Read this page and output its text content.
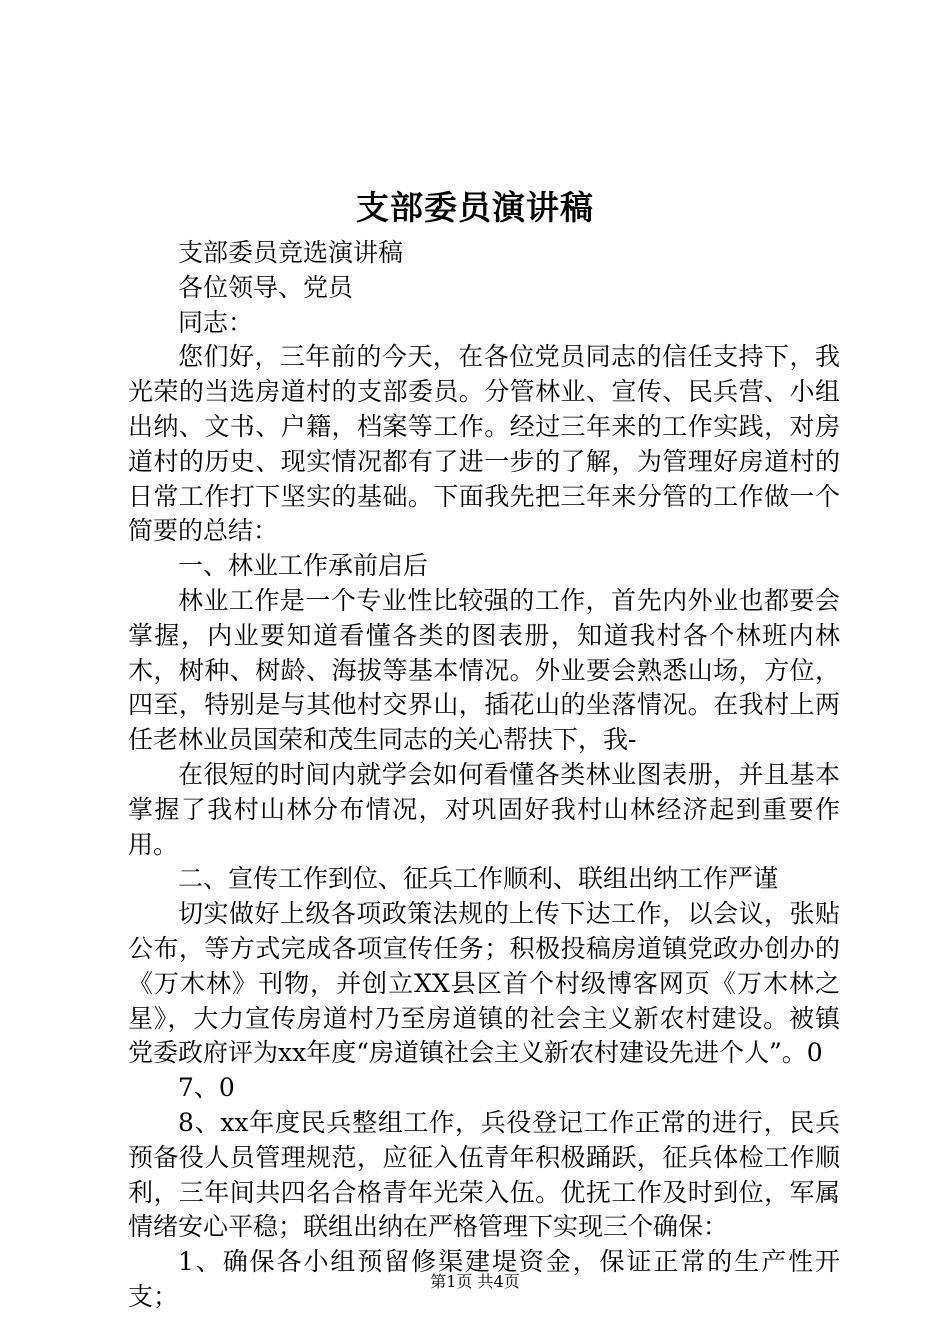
支部委员演讲稿

支部委员竞选演讲稿

各位领导、党员

同志：

您们好，三年前的今天，在各位党员同志的信任支持下，我光荣的当选房道村的支部委员。分管林业、宣传、民兵营、小组出纳、文书、户籍，档案等工作。经过三年来的工作实践，对房道村的历史、现实情况都有了进一步的了解，为管理好房道村的日常工作打下坚实的基础。下面我先把三年来分管的工作做一个简要的总结：

一、林业工作承前启后

林业工作是一个专业性比较强的工作，首先内外业也都要会掌握，内业要知道看懂各类的图表册，知道我村各个林班内林木，树种、树龄、海拔等基本情况。外业要会熟悉山场，方位，四至，特别是与其他村交界山，插花山的坐落情况。在我村上两任老林业员国荣和茂生同志的关心帮扶下，我-

在很短的时间内就学会如何看懂各类林业图表册，并且基本掌握了我村山林分布情况，对巩固好我村山林经济起到重要作用。

二、宣传工作到位、征兵工作顺利、联组出纳工作严谨

切实做好上级各项政策法规的上传下达工作，以会议，张贴公布，等方式完成各项宣传任务；积极投稿房道镇党政办创办的《万木林》刊物，并创立XX县区首个村级博客网页《万木林之星》，大力宣传房道村乃至房道镇的社会主义新农村建设。被镇党委政府评为xx年度“房道镇社会主义新农村建设先进个人”。0

7、0

8、xx年度民兵整组工作，兵役登记工作正常的进行，民兵预备役人员管理规范，应征入伍青年积极踊跃，征兵体检工作顺利，三年间共四名合格青年光荣入伍。优抚工作及时到位，军属情绪安心平稳；联组出纳在严格管理下实现三个确保：

1、确保各小组预留修渠建堤资金，保证正常的生产性开支；

第1页 共4页
